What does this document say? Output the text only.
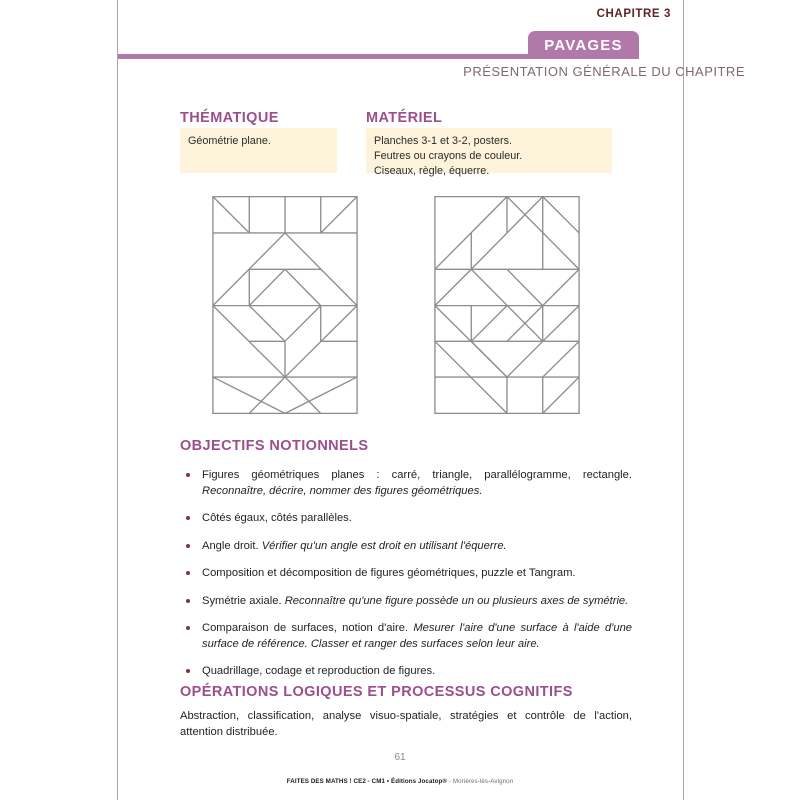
CHAPITRE 3
PAVAGES
PRÉSENTATION GÉNÉRALE DU CHAPITRE
THÉMATIQUE
Géométrie plane.
MATÉRIEL
Planches 3-1 et 3-2, posters.
Feutres ou crayons de couleur.
Ciseaux, règle, équerre.
OBJECTIFS NOTIONNELS
Figures géométriques planes : carré, triangle, parallélogramme, rectangle. Reconnaître, décrire, nommer des figures géométriques.
Côtés égaux, côtés parallèles.
Angle droit. Vérifier qu'un angle est droit en utilisant l'équerre.
Composition et décomposition de figures géométriques, puzzle et Tangram.
Symétrie axiale. Reconnaître qu'une figure possède un ou plusieurs axes de symétrie.
Comparaison de surfaces, notion d'aire. Mesurer l'aire d'une surface à l'aide d'une surface de référence. Classer et ranger des surfaces selon leur aire.
Quadrillage, codage et reproduction de figures.
OPÉRATIONS LOGIQUES ET PROCESSUS COGNITIFS
Abstraction, classification, analyse visuo-spatiale, stratégies et contrôle de l'action, attention distribuée.
61
FAITES DES MATHS ! CE2 - CM1 • Éditions Jocatop® - Morières-lès-Avignon
